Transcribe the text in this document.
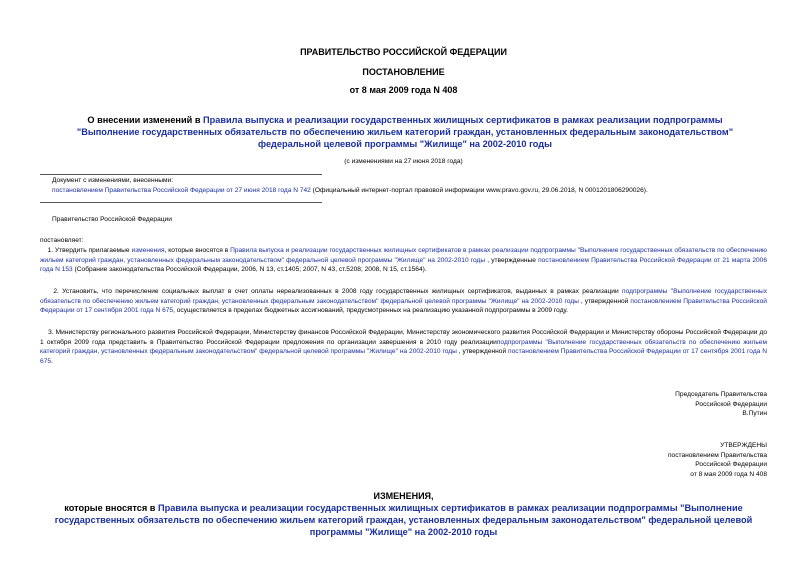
ПРАВИТЕЛЬСТВО РОССИЙСКОЙ ФЕДЕРАЦИИ
ПОСТАНОВЛЕНИЕ
от 8 мая 2009 года N 408
О внесении изменений в Правила выпуска и реализации государственных жилищных сертификатов в рамках реализации подпрограммы "Выполнение государственных обязательств по обеспечению жильем категорий граждан, установленных федеральным законодательством" федеральной целевой программы "Жилище" на 2002-2010 годы
(с изменениями на 27 июня 2018 года)
Документ с изменениями, внесенными:
постановлением Правительства Российской Федерации от 27 июня 2018 года N 742 (Официальный интернет-портал правовой информации www.pravo.gov.ru, 29.06.2018, N 0001201806290026).
Правительство Российской Федерации
постановляет:
1. Утвердить прилагаемые изменения, которые вносятся в Правила выпуска и реализации государственных жилищных сертификатов в рамках реализации подпрограммы "Выполнение государственных обязательств по обеспечению жильем категорий граждан, установленных федеральным законодательством" федеральной целевой программы "Жилище" на 2002-2010 годы , утвержденные постановлением Правительства Российской Федерации от 21 марта 2006 года N 153 (Собрание законодательства Российской Федерации, 2006, N 13, ст.1405; 2007, N 43, ст.5208; 2008, N 15, ст.1564).
2. Установить, что перечисление социальных выплат в счет оплаты нереализованных в 2008 году государственных жилищных сертификатов, выданных в рамках реализации подпрограммы "Выполнение государственных обязательств по обеспечению жильем категорий граждан, установленных федеральным законодательством" федеральной целевой программы "Жилище" на 2002-2010 годы , утвержденной постановлением Правительства Российской Федерации от 17 сентября 2001 года N 675, осуществляется в пределах бюджетных ассигнований, предусмотренных на реализацию указанной подпрограммы в 2009 году.
3. Министерству регионального развития Российской Федерации, Министерству финансов Российской Федерации, Министерству экономического развития Российской Федерации и Министерству обороны Российской Федерации до 1 октября 2009 года представить в Правительство Российской Федерации предложения по организации завершения в 2010 году реализацииподпрограммы "Выполнение государственных обязательств по обеспечению жильем категорий граждан, установленных федеральным законодательством" федеральной целевой программы "Жилище" на 2002-2010 годы , утвержденной постановлением Правительства Российской Федерации от 17 сентября 2001 года N 675.
Председатель Правительства
Российской Федерации
В.Путин
УТВЕРЖДЕНЫ
постановлением Правительства
Российской Федерации
от 8 мая 2009 года N 408
ИЗМЕНЕНИЯ,
которые вносятся в Правила выпуска и реализации государственных жилищных сертификатов в рамках реализации подпрограммы "Выполнение государственных обязательств по обеспечению жильем категорий граждан, установленных федеральным законодательством" федеральной целевой программы "Жилище" на 2002-2010 годы
